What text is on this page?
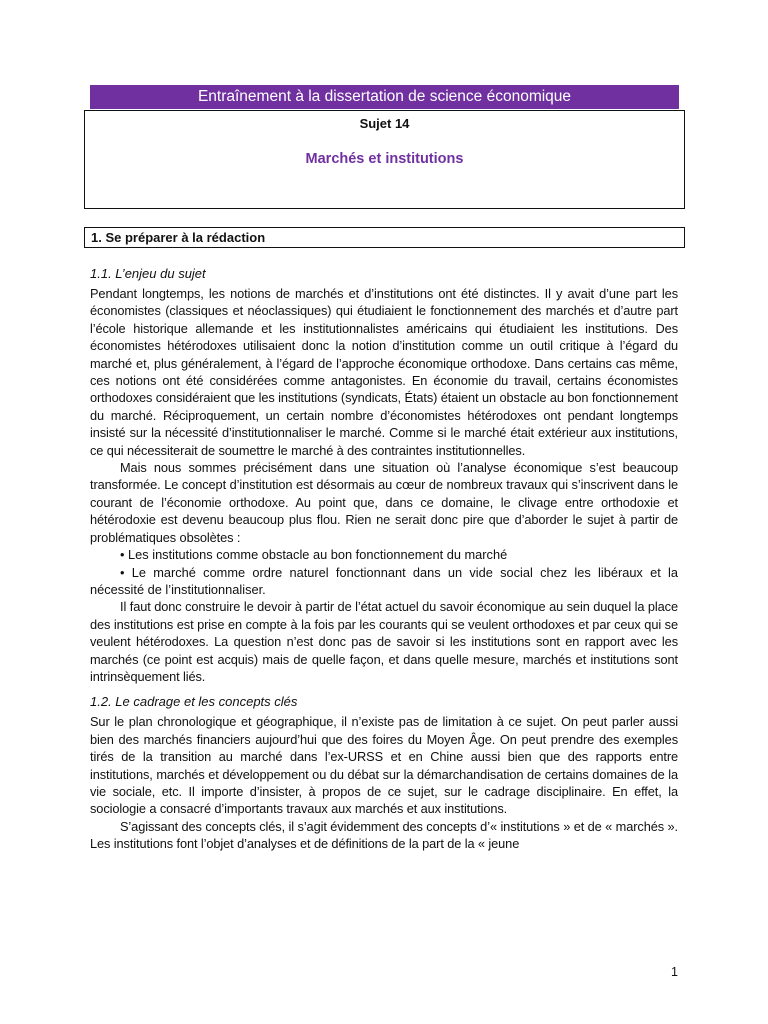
Entraînement à la dissertation de science économique
Sujet 14
Marchés et institutions
1. Se préparer à la rédaction

1.1. L’enjeu du sujet

Pendant longtemps, les notions de marchés et d’institutions ont été distinctes. Il y avait d’une part les économistes (classiques et néoclassiques) qui étudiaient le fonctionnement des marchés et d’autre part l’école historique allemande et les institutionnalistes américains qui étudiaient les institutions. Des économistes hétérodoxes utilisaient donc la notion d’institution comme un outil critique à l’égard du marché et, plus généralement, à l’égard de l’approche économique orthodoxe. Dans certains cas même, ces notions ont été considérées comme antagonistes. En économie du travail, certains économistes orthodoxes considéraient que les institutions (syndicats, États) étaient un obstacle au bon fonctionnement du marché. Réciproquement, un certain nombre d’économistes hétérodoxes ont pendant longtemps insisté sur la nécessité d’institutionnaliser le marché. Comme si le marché était extérieur aux institutions, ce qui nécessiterait de soumettre le marché à des contraintes institutionnelles.

Mais nous sommes précisément dans une situation où l’analyse économique s’est beaucoup transformée. Le concept d’institution est désormais au cœur de nombreux travaux qui s’inscrivent dans le courant de l’économie orthodoxe. Au point que, dans ce domaine, le clivage entre orthodoxie et hétérodoxie est devenu beaucoup plus flou. Rien ne serait donc pire que d’aborder le sujet à partir de problématiques obsolètes :

• Les institutions comme obstacle au bon fonctionnement du marché

• Le marché comme ordre naturel fonctionnant dans un vide social chez les libéraux et la nécessité de l’institutionnaliser.

Il faut donc construire le devoir à partir de l’état actuel du savoir économique au sein duquel la place des institutions est prise en compte à la fois par les courants qui se veulent orthodoxes et par ceux qui se veulent hétérodoxes. La question n’est donc pas de savoir si les institutions sont en rapport avec les marchés (ce point est acquis) mais de quelle façon, et dans quelle mesure, marchés et institutions sont intrinsèquement liés.

1.2. Le cadrage et les concepts clés

Sur le plan chronologique et géographique, il n’existe pas de limitation à ce sujet. On peut parler aussi bien des marchés financiers aujourd’hui que des foires du Moyen Âge. On peut prendre des exemples tirés de la transition au marché dans l’ex-URSS et en Chine aussi bien que des rapports entre institutions, marchés et développement ou du débat sur la démarchandisation de certains domaines de la vie sociale, etc. Il importe d’insister, à propos de ce sujet, sur le cadrage disciplinaire. En effet, la sociologie a consacré d’importants travaux aux marchés et aux institutions.

S’agissant des concepts clés, il s’agit évidemment des concepts d’« institutions » et de « marchés ». Les institutions font l’objet d’analyses et de définitions de la part de la « jeune

1
